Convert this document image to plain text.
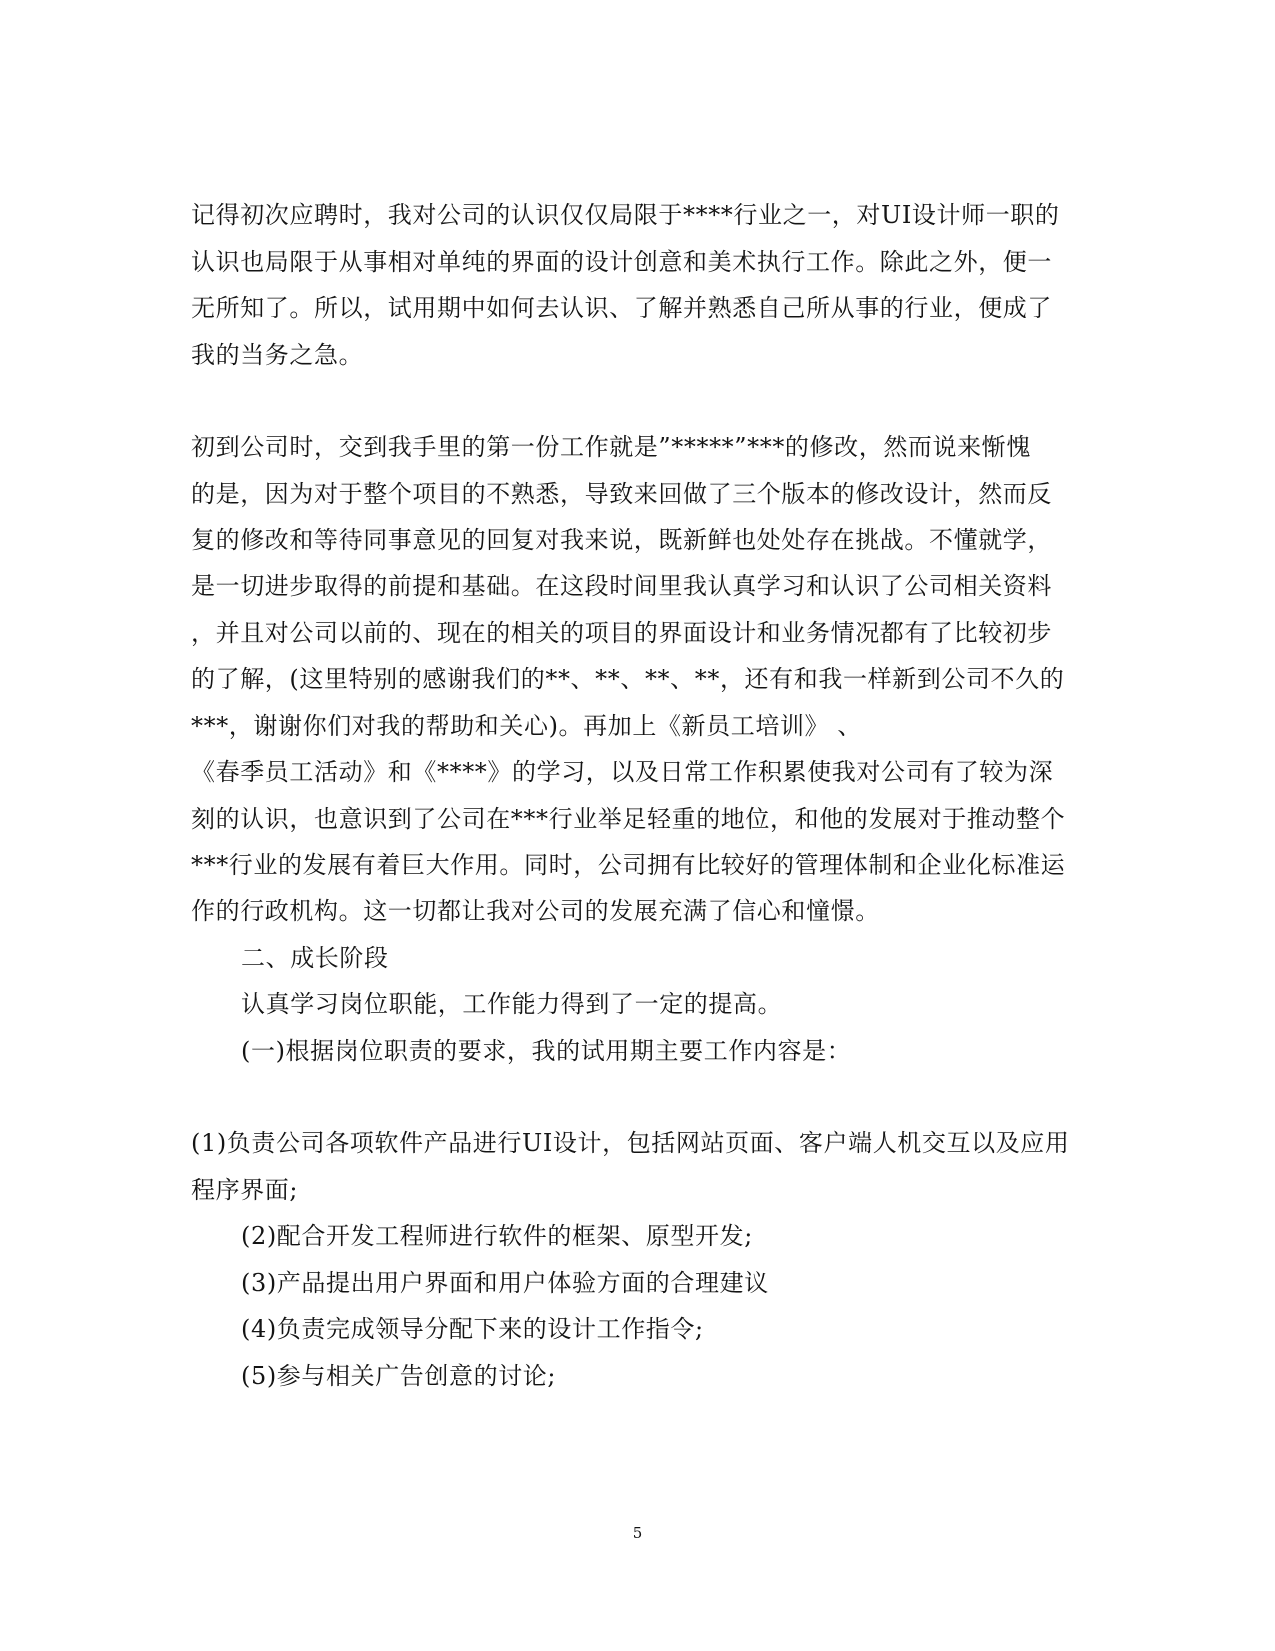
记得初次应聘时，我对公司的认识仅仅局限于****行业之一，对UI设计师一职的
认识也局限于从事相对单纯的界面的设计创意和美术执行工作。除此之外，便一
无所知了。所以，试用期中如何去认识、了解并熟悉自己所从事的行业，便成了
我的当务之急。
初到公司时，交到我手里的第一份工作就是”*****”***的修改，然而说来惭愧
的是，因为对于整个项目的不熟悉，导致来回做了三个版本的修改设计，然而反
复的修改和等待同事意见的回复对我来说，既新鲜也处处存在挑战。不懂就学，
是一切进步取得的前提和基础。在这段时间里我认真学习和认识了公司相关资料
，并且对公司以前的、现在的相关的项目的界面设计和业务情况都有了比较初步
的了解，(这里特别的感谢我们的**、**、**、**，还有和我一样新到公司不久的
***，谢谢你们对我的帮助和关心)。再加上《新员工培训》 、
《春季员工活动》和《****》的学习，以及日常工作积累使我对公司有了较为深
刻的认识，也意识到了公司在***行业举足轻重的地位，和他的发展对于推动整个
***行业的发展有着巨大作用。同时，公司拥有比较好的管理体制和企业化标准运
作的行政机构。这一切都让我对公司的发展充满了信心和憧憬。
二、成长阶段
认真学习岗位职能，工作能力得到了一定的提高。
(一)根据岗位职责的要求，我的试用期主要工作内容是：
(1)负责公司各项软件产品进行UI设计，包括网站页面、客户端人机交互以及应用
程序界面;
(2)配合开发工程师进行软件的框架、原型开发;
(3)产品提出用户界面和用户体验方面的合理建议
(4)负责完成领导分配下来的设计工作指令;
(5)参与相关广告创意的讨论;
5
